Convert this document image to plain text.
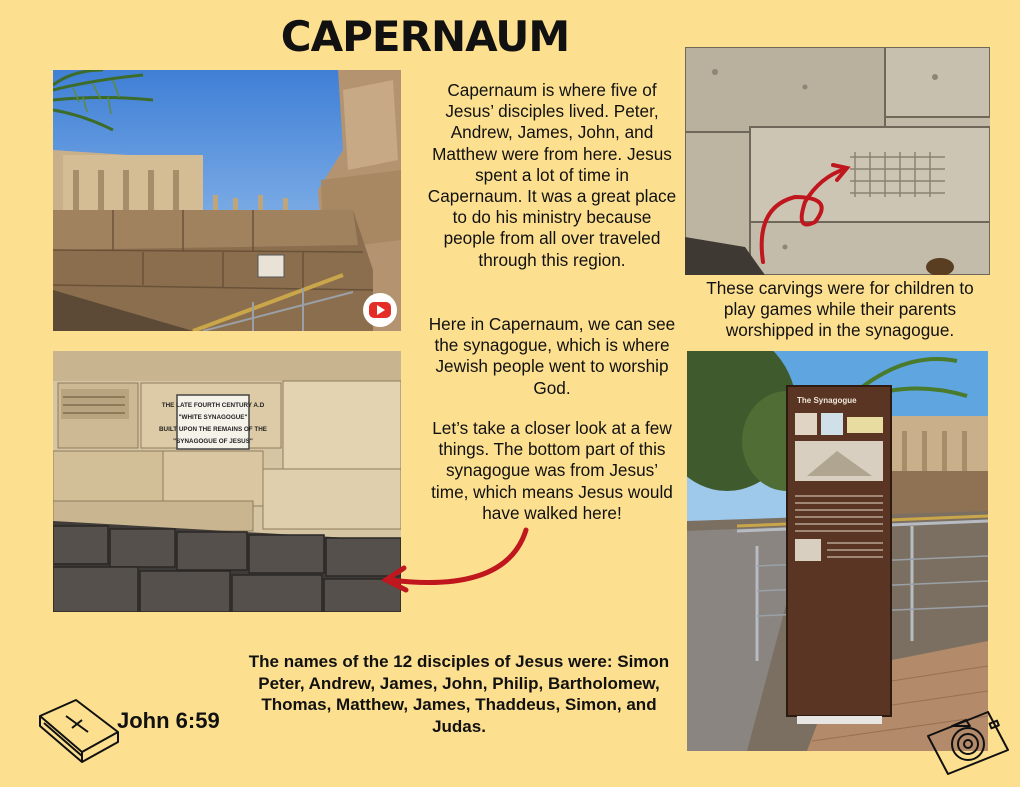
CAPERNAUM
THE LATE FOURTH CENTURY A.D
"WHITE SYNAGOGUE"
BUILT UPON THE REMAINS OF THE
"SYNAGOGUE OF JESUS"
The Synagogue
Capernaum is where five of Jesus’ disciples lived. Peter, Andrew, James, John, and Matthew were from here. Jesus spent a lot of time in Capernaum. It was a great place to do his ministry because people from all over traveled through this region.
Here in Capernaum, we can see the synagogue, which is where Jewish people went to worship God.
Let’s take a closer look at a few things. The bottom part of this synagogue was from Jesus’ time, which means Jesus would have walked here!
These carvings were for children to play games while their parents worshipped in the synagogue.
The names of the 12 disciples of Jesus were: Simon Peter, Andrew, James, John, Philip, Bartholomew, Thomas, Matthew, James, Thaddeus, Simon, and Judas.
John 6:59
